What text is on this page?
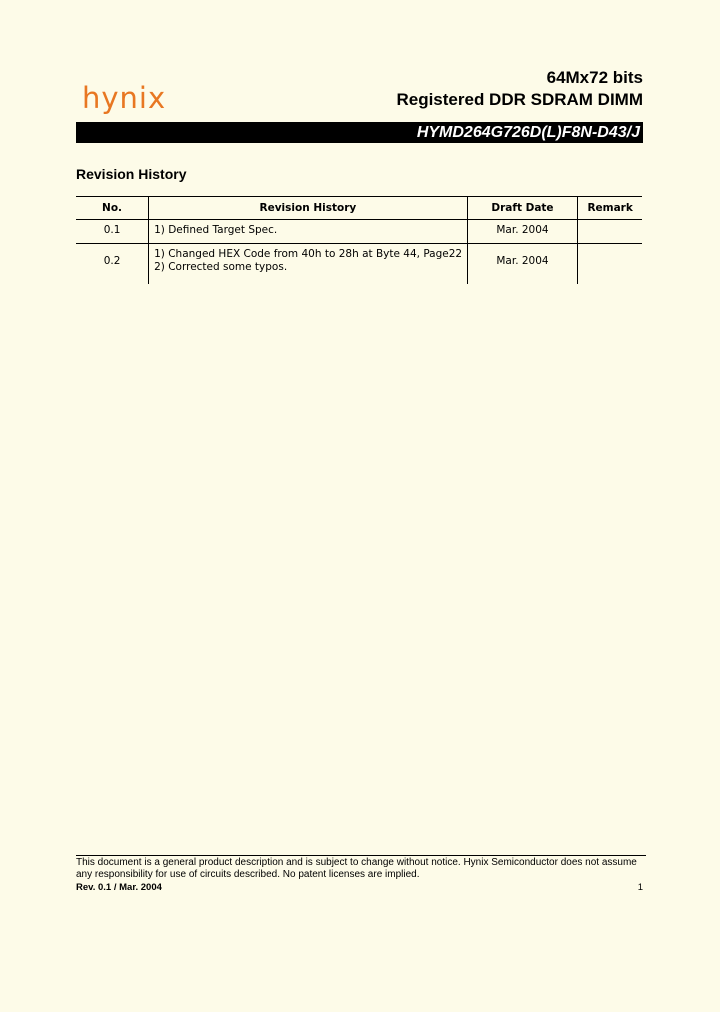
hynix
64Mx72 bits
Registered DDR SDRAM DIMM
HYMD264G726D(L)F8N-D43/J
Revision History
No.	Revision History	Draft Date	Remark
0.1	1) Defined Target Spec.	Mar. 2004	
0.2	1) Changed HEX Code from 40h to 28h at Byte 44, Page22
2) Corrected some typos.	Mar. 2004	
This document is a general product description and is subject to change without notice. Hynix Semiconductor does not assume any responsibility for use of circuits described. No patent licenses are implied.
Rev. 0.1 / Mar. 2004	1
